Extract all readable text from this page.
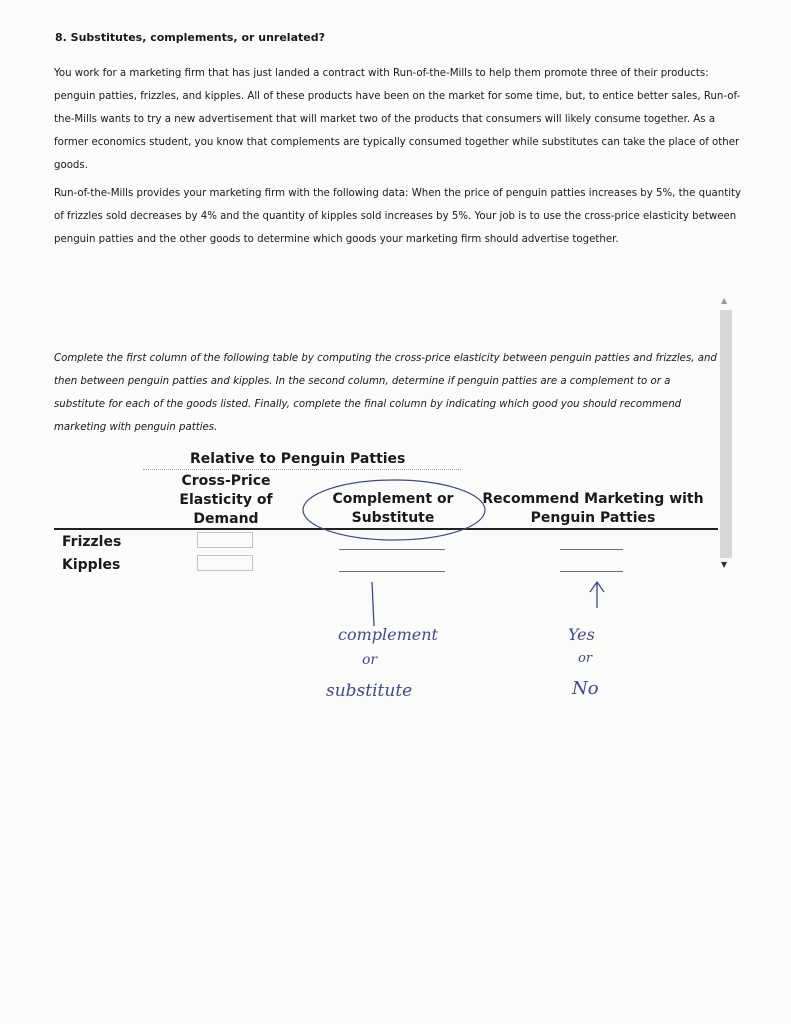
8. Substitutes, complements, or unrelated?

You work for a marketing firm that has just landed a contract with Run-of-the-Mills to help them promote three of their products: penguin patties, frizzles, and kipples. All of these products have been on the market for some time, but, to entice better sales, Run-of-the-Mills wants to try a new advertisement that will market two of the products that consumers will likely consume together. As a former economics student, you know that complements are typically consumed together while substitutes can take the place of other goods.

Run-of-the-Mills provides your marketing firm with the following data: When the price of penguin patties increases by 5%, the quantity of frizzles sold decreases by 4% and the quantity of kipples sold increases by 5%. Your job is to use the cross-price elasticity between penguin patties and the other goods to determine which goods your marketing firm should advertise together.

Complete the first column of the following table by computing the cross-price elasticity between penguin patties and frizzles, and then between penguin patties and kipples. In the second column, determine if penguin patties are a complement to or a substitute for each of the goods listed. Finally, complete the final column by indicating which good you should recommend marketing with penguin patties.

▲
▼
Relative to Penguin Patties
Cross-Price Elasticity of Demand
Complement or Substitute
Recommend Marketing with Penguin Patties
Frizzles
Kipples
complement
or
substitute
Yes
or
No
